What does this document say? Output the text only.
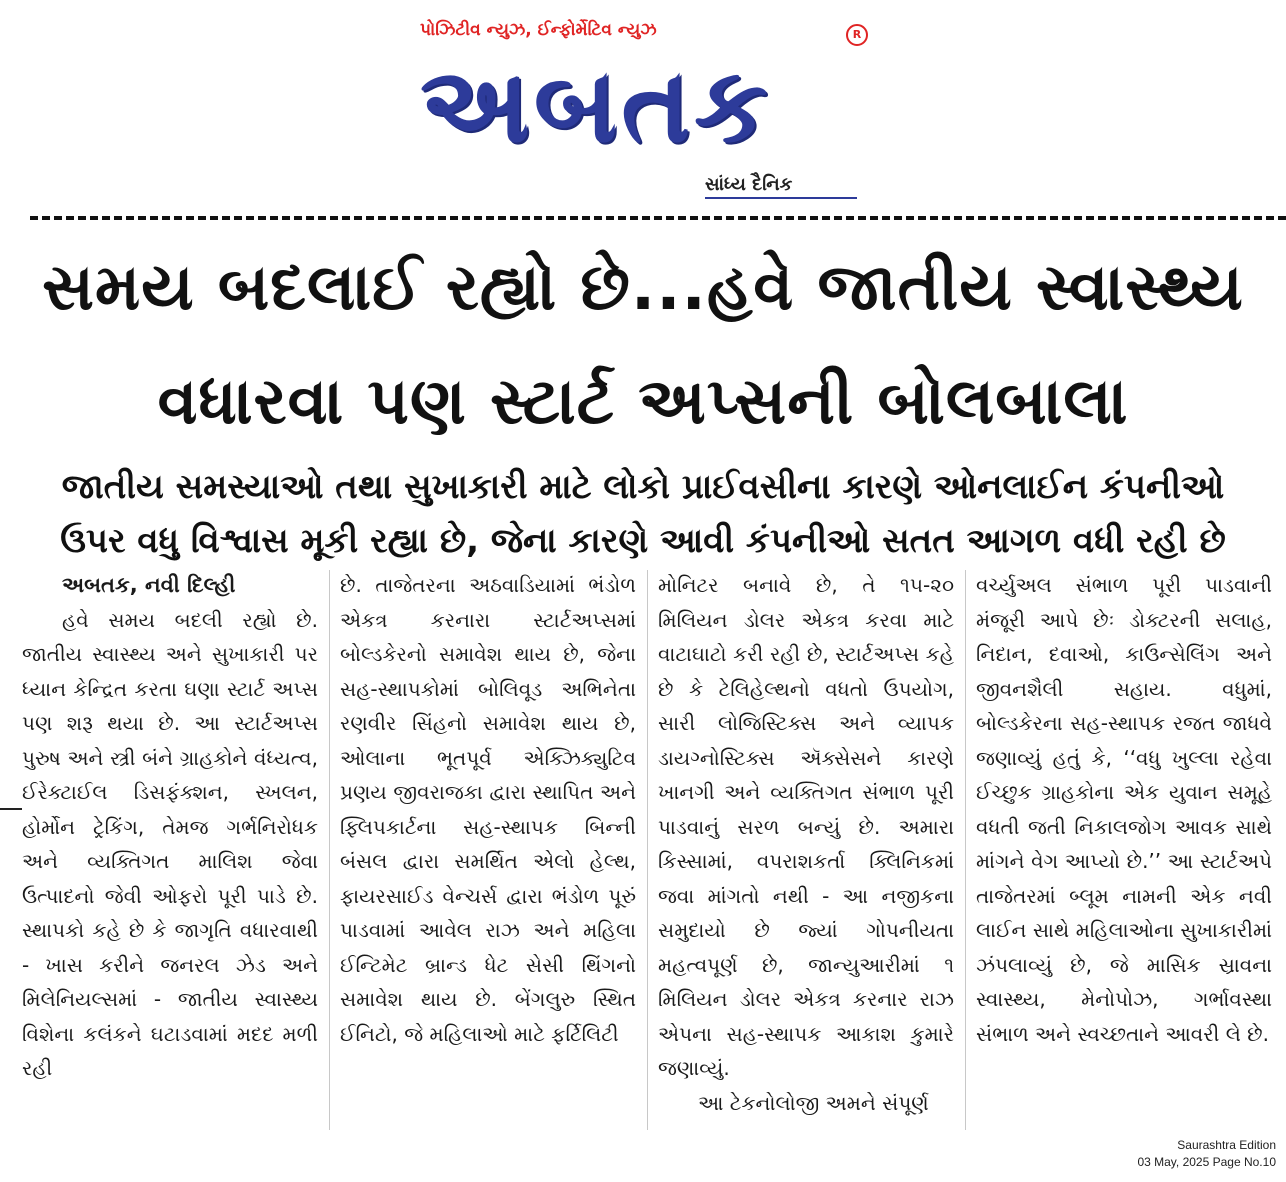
પોઝિટીવ ન્યુઝ, ઈન્ફોર્મેટિવ ન્યુઝ	R
અબતક
સાંધ્ય દૈનિક
સમય બદલાઈ રહ્યો છે...હવે જાતીય સ્વાસ્થ્ય
વધારવા પણ સ્ટાર્ટ અપ્સની બોલબાલા
જાતીય સમસ્યાઓ તથા સુખાકારી માટે લોકો પ્રાઈવસીના કારણે ઓનલાઈન કંપનીઓ
ઉપર વધુ વિશ્વાસ મૂકી રહ્યા છે, જેના કારણે આવી કંપનીઓ સતત આગળ વધી રહી છે
અબતક, નવી દિલ્હી
હવે સમય બદલી રહ્યો છે. જાતીય સ્વાસ્થ્ય અને સુખાકારી પર ધ્યાન કેન્દ્રિત કરતા ઘણા સ્ટાર્ટ અપ્સ પણ શરૂ થયા છે. આ સ્ટાર્ટઅપ્સ પુરુષ અને સ્ત્રી બંને ગ્રાહકોને વંધ્યત્વ, ઈરેક્ટાઈલ ડિસફંક્શન, સ્ખલન, હોર્મોન ટ્રેકિંગ, તેમજ ગર્ભનિરોધક અને વ્યક્તિગત માલિશ જેવા ઉત્પાદનો જેવી ઓફરો પૂરી પાડે છે. સ્થાપકો કહે છે કે જાગૃતિ વધારવાથી - ખાસ કરીને જનરલ ઝેડ અને મિલેનિયલ્સમાં - જાતીય સ્વાસ્થ્ય વિશેના કલંકને ઘટાડવામાં મદદ મળી રહી
છે. તાજેતરના અઠવાડિયામાં ભંડોળ એકત્ર કરનારા સ્ટાર્ટઅપ્સમાં બોલ્ડકેરનો સમાવેશ થાય છે, જેના સહ-સ્થાપકોમાં બોલિવૂડ અભિનેતા રણવીર સિંહનો સમાવેશ થાય છે, ઓલાના ભૂતપૂર્વ એક્ઝિક્યુટિવ પ્રણય જીવરાજકા દ્વારા સ્થાપિત અને ફ્લિપકાર્ટના સહ-સ્થાપક બિન્ની બંસલ દ્વારા સમર્થિત એલો હેલ્થ, ફાયરસાઈડ વેન્ચર્સ દ્વારા ભંડોળ પૂરું પાડવામાં આવેલ રાઝ અને મહિલા ઈન્ટિમેટ બ્રાન્ડ ધેટ સેસી થિંગનો સમાવેશ થાય છે. બેંગલુરુ સ્થિત ઈનિટો, જે મહિલાઓ માટે ફર્ટિલિટી
મોનિટર બનાવે છે, તે ૧૫-૨૦ મિલિયન ડોલર એકત્ર કરવા માટે વાટાઘાટો કરી રહી છે, સ્ટાર્ટઅપ્સ કહે છે કે ટેલિહેલ્થનો વધતો ઉપયોગ, સારી લોજિસ્ટિક્સ અને વ્યાપક ડાયગ્નોસ્ટિક્સ ઍક્સેસને કારણે ખાનગી અને વ્યક્તિગત સંભાળ પૂરી પાડવાનું સરળ બન્યું છે. અમારા કિસ્સામાં, વપરાશકર્તા ક્લિનિકમાં જવા માંગતો નથી - આ નજીકના સમુદાયો છે જ્યાં ગોપનીયતા મહત્વપૂર્ણ છે, જાન્યુઆરીમાં ૧ મિલિયન ડોલર એકત્ર કરનાર રાઝ એપના સહ-સ્થાપક આકાશ કુમારે જણાવ્યું.
આ ટેકનોલોજી અમને સંપૂર્ણ
વર્ચ્યુઅલ સંભાળ પૂરી પાડવાની મંજૂરી આપે છેઃ ડોક્ટરની સલાહ, નિદાન, દવાઓ, કાઉન્સેલિંગ અને જીવનશૈલી સહાય. વધુમાં, બોલ્ડકેરના સહ-સ્થાપક રજત જાધવે જણાવ્યું હતું કે, ‘‘વધુ ખુલ્લા રહેવા ઈચ્છુક ગ્રાહકોના એક યુવાન સમૂહે વધતી જતી નિકાલજોગ આવક સાથે માંગને વેગ આપ્યો છે.’’ આ સ્ટાર્ટઅપે તાજેતરમાં બ્લૂમ નામની એક નવી લાઈન સાથે મહિલાઓના સુખાકારીમાં ઝંપલાવ્યું છે, જે માસિક સ્રાવના સ્વાસ્થ્ય, મેનોપોઝ, ગર્ભાવસ્થા સંભાળ અને સ્વચ્છતાને આવરી લે છે.
Saurashtra Edition
03 May, 2025 Page No.10
